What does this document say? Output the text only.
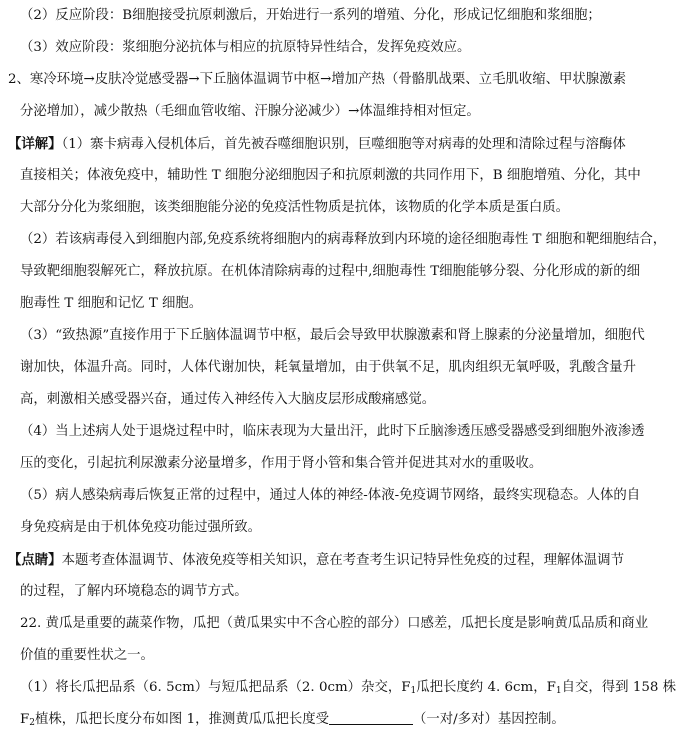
（2）反应阶段：B细胞接受抗原刺激后，开始进行一系列的增殖、分化，形成记忆细胞和浆细胞；
（3）效应阶段：浆细胞分泌抗体与相应的抗原特异性结合，发挥免疫效应。
2、寒冷环境→皮肤冷觉感受器→下丘脑体温调节中枢→增加产热（骨骼肌战栗、立毛肌收缩、甲状腺激素
分泌增加），减少散热（毛细血管收缩、汗腺分泌减少）→体温维持相对恒定。
【详解】（1）寨卡病毒入侵机体后，首先被吞噬细胞识别，巨噬细胞等对病毒的处理和清除过程与溶酶体
直接相关；体液免疫中，辅助性 T 细胞分泌细胞因子和抗原刺激的共同作用下，B 细胞增殖、分化，其中
大部分分化为浆细胞，该类细胞能分泌的免疫活性物质是抗体，该物质的化学本质是蛋白质。
（2）若该病毒侵入到细胞内部,免疫系统将细胞内的病毒释放到内环境的途径细胞毒性 T 细胞和靶细胞结合，
导致靶细胞裂解死亡，释放抗原。在机体清除病毒的过程中,细胞毒性 T细胞能够分裂、分化形成的新的细
胞毒性 T 细胞和记忆 T 细胞。
（3）“致热源”直接作用于下丘脑体温调节中枢，最后会导致甲状腺激素和肾上腺素的分泌量增加，细胞代
谢加快，体温升高。同时，人体代谢加快，耗氧量增加，由于供氧不足，肌肉组织无氧呼吸，乳酸含量升
高，刺激相关感受器兴奋，通过传入神经传入大脑皮层形成酸痛感觉。
（4）当上述病人处于退烧过程中时，临床表现为大量出汗，此时下丘脑渗透压感受器感受到细胞外液渗透
压的变化，引起抗利尿激素分泌量增多，作用于肾小管和集合管并促进其对水的重吸收。
（5）病人感染病毒后恢复正常的过程中，通过人体的神经-体液-免疫调节网络，最终实现稳态。人体的自
身免疫病是由于机体免疫功能过强所致。
【点睛】本题考查体温调节、体液免疫等相关知识，意在考查考生识记特异性免疫的过程，理解体温调节
的过程，了解内环境稳态的调节方式。
22. 黄瓜是重要的蔬菜作物，瓜把（黄瓜果实中不含心腔的部分）口感差，瓜把长度是影响黄瓜品质和商业
价值的重要性状之一。
（1）将长瓜把品系（6. 5cm）与短瓜把品系（2. 0cm）杂交，$F_1$瓜把长度约 4. 6cm，$F_1$自交，得到 158 株
$F_2$植株，瓜把长度分布如图 1，推测黄瓜瓜把长度受	（一对/多对）基因控制。
